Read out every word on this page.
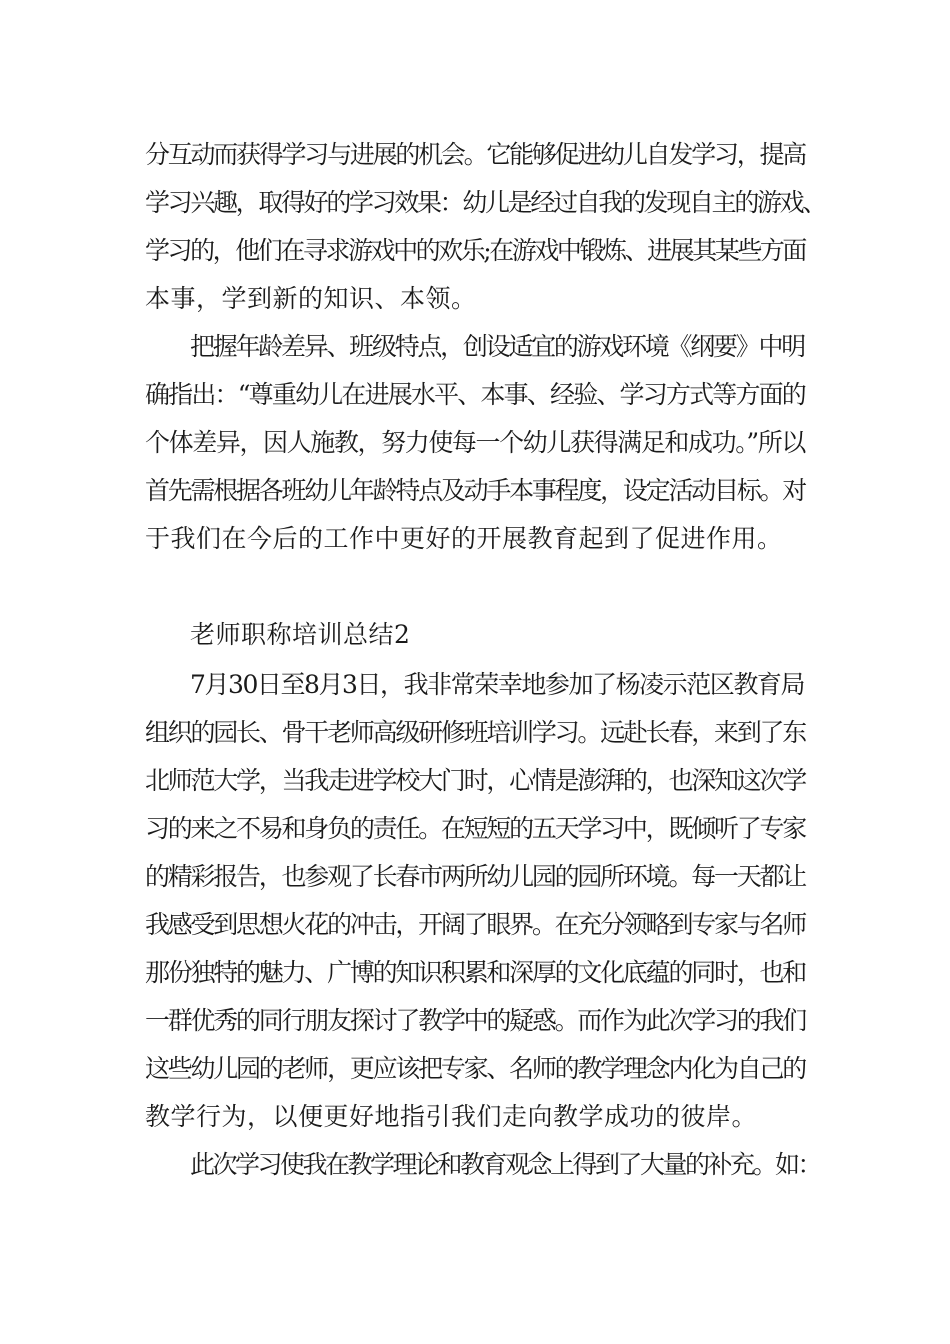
分互动而获得学习与进展的机会。它能够促进幼儿自发学习，提高
学习兴趣，取得好的学习效果：幼儿是经过自我的发现自主的游戏、
学习的，他们在寻求游戏中的欢乐;在游戏中锻炼、进展其某些方面
本事，学到新的知识、本领。
把握年龄差异、班级特点，创设适宜的游戏环境《纲要》中明
确指出：“尊重幼儿在进展水平、本事、经验、学习方式等方面的
个体差异，因人施教，努力使每一个幼儿获得满足和成功。”所以
首先需根据各班幼儿年龄特点及动手本事程度，设定活动目标。对
于我们在今后的工作中更好的开展教育起到了促进作用。
老师职称培训总结2
7月30日至8月3日，我非常荣幸地参加了杨凌示范区教育局
组织的园长、骨干老师高级研修班培训学习。远赴长春，来到了东
北师范大学，当我走进学校大门时，心情是澎湃的，也深知这次学
习的来之不易和身负的责任。在短短的五天学习中，既倾听了专家
的精彩报告，也参观了长春市两所幼儿园的园所环境。每一天都让
我感受到思想火花的冲击，开阔了眼界。在充分领略到专家与名师
那份独特的魅力、广博的知识积累和深厚的文化底蕴的同时，也和
一群优秀的同行朋友探讨了教学中的疑惑。而作为此次学习的我们
这些幼儿园的老师，更应该把专家、名师的教学理念内化为自己的
教学行为，以便更好地指引我们走向教学成功的彼岸。
此次学习使我在教学理论和教育观念上得到了大量的补充。如：
